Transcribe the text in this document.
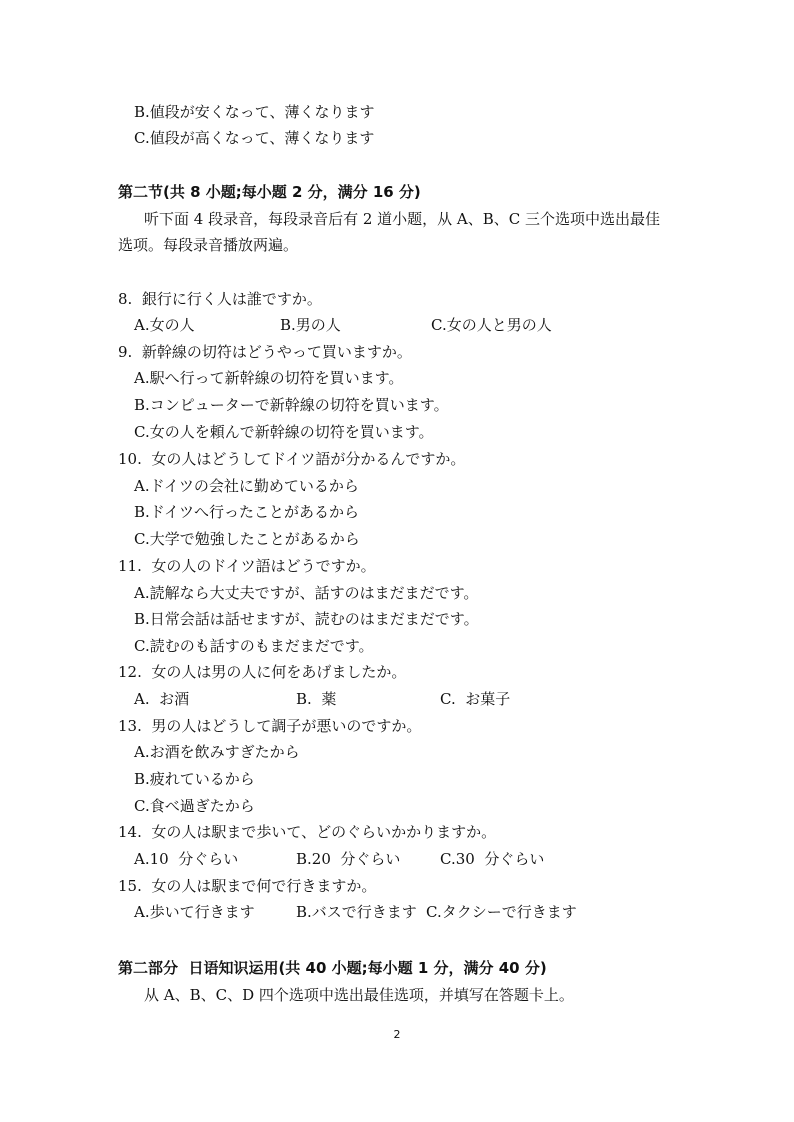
B.値段が安くなって、薄くなります
C.値段が高くなって、薄くなります
第二节(共 8 小题;每小题 2 分，满分 16 分)
听下面 4 段录音，每段录音后有 2 道小题，从 A、B、C 三个选项中选出最佳
选项。每段录音播放两遍。
8.  銀行に行く人は誰ですか。

A.女の人

	B.男の人

	C.女の人と男の人

9.  新幹線の切符はどうやって買いますか。
A.駅へ行って新幹線の切符を買います。
B.コンピューターで新幹線の切符を買います。
C.女の人を頼んで新幹線の切符を買います。
10.  女の人はどうしてドイツ語が分かるんですか。
A.ドイツの会社に勤めているから
B.ドイツへ行ったことがあるから
C.大学で勉強したことがあるから
11.  女の人のドイツ語はどうですか。
A.読解なら大丈夫ですが、話すのはまだまだです。
B.日常会話は話せますが、読むのはまだまだです。
C.読むのも話すのもまだまだです。
12.  女の人は男の人に何をあげましたか。

A.  お酒

	B.  薬

	C.  お菓子

13.  男の人はどうして調子が悪いのですか。
A.お酒を飲みすぎたから
B.疲れているから
C.食べ過ぎたから
14.  女の人は駅まで歩いて、どのぐらいかかりますか。

A.10  分ぐらい

	B.20  分ぐらい

	C.30  分ぐらい

15.  女の人は駅まで何で行きますか。

A.歩いて行きます

	B.バスで行きます

C.タクシーで行きます

第二部分  日语知识运用(共 40 小题;每小题 1 分，满分 40 分)
从 A、B、C、D 四个选项中选出最佳选项，并填写在答题卡上。
2
